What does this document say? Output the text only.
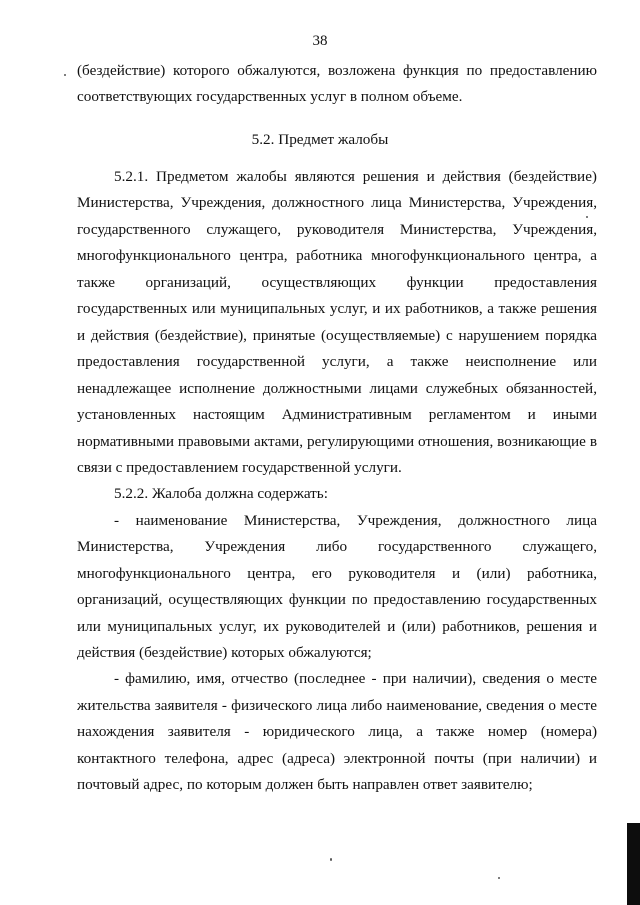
38
(бездействие) которого обжалуются, возложена функция по предоставлению
соответствующих государственных услуг в полном объеме.
5.2. Предмет жалобы
5.2.1. Предметом жалобы являются решения и действия (бездействие)
Министерства, Учреждения, должностного лица Министерства, Учреждения,
государственного служащего, руководителя Министерства, Учреждения,
многофункционального центра, работника многофункционального центра, а
также организаций, осуществляющих функции предоставления
государственных или муниципальных услуг, и их работников, а также решения
и действия (бездействие), принятые (осуществляемые) с нарушением порядка
предоставления государственной услуги, а также неисполнение или
ненадлежащее исполнение должностными лицами служебных обязанностей,
установленных настоящим Административным регламентом и иными
нормативными правовыми актами, регулирующими отношения, возникающие в
связи с предоставлением государственной услуги.
5.2.2. Жалоба должна содержать:
- наименование Министерства, Учреждения, должностного лица
Министерства, Учреждения либо государственного служащего,
многофункционального центра, его руководителя и (или) работника,
организаций, осуществляющих функции по предоставлению государственных
или муниципальных услуг, их руководителей и (или) работников, решения и
действия (бездействие) которых обжалуются;
- фамилию, имя, отчество (последнее - при наличии), сведения о месте
жительства заявителя - физического лица либо наименование, сведения о месте
нахождения заявителя - юридического лица, а также номер (номера)
контактного телефона, адрес (адреса) электронной почты (при наличии) и
почтовый адрес, по которым должен быть направлен ответ заявителю;
